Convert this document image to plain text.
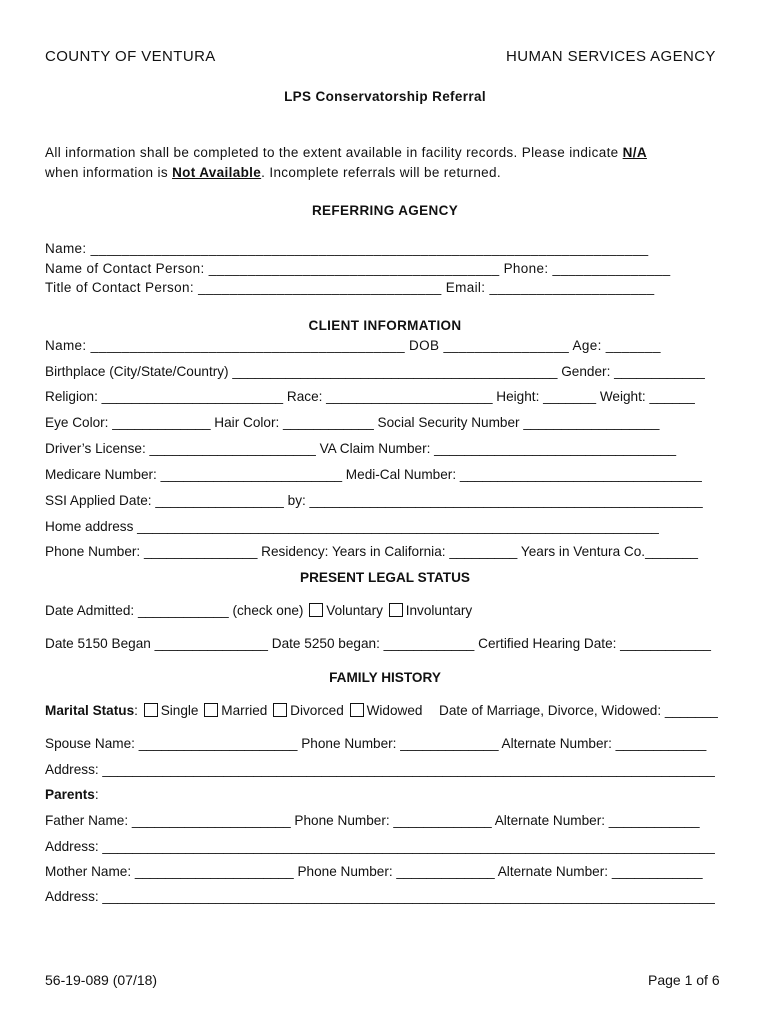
COUNTY OF VENTURA	HUMAN SERVICES AGENCY
LPS Conservatorship Referral
All information shall be completed to the extent available in facility records. Please indicate N/A
when information is Not Available. Incomplete referrals will be returned.
REFERRING AGENCY
Name: _______________________________________________________________________
Name of Contact Person: _____________________________________ Phone: _______________
Title of Contact Person: _______________________________ Email: _____________________
CLIENT INFORMATION
Name: ________________________________________ DOB ________________ Age: _______
Birthplace (City/State/Country) ___________________________________________ Gender: ____________
Religion: ________________________ Race: ______________________ Height: _______ Weight: ______
Eye Color: _____________ Hair Color: ____________ Social Security Number __________________
Driver’s License: ______________________ VA Claim Number: ________________________________
Medicare Number: ________________________ Medi-Cal Number: ________________________________
SSI Applied Date: _________________ by: ____________________________________________________
Home address _____________________________________________________________________
Phone Number: _______________ Residency: Years in California: _________ Years in Ventura Co._______
PRESENT LEGAL STATUS
Date Admitted: ____________ (check one) Voluntary Involuntary
Date 5150 Began _______________ Date 5250 began: ____________ Certified Hearing Date: ____________
FAMILY HISTORY
Marital Status: Single Married Divorced Widowed Date of Marriage, Divorce, Widowed: _______
Spouse Name: _____________________ Phone Number: _____________ Alternate Number: ____________
Address: _________________________________________________________________________________
Parents:
Father Name: _____________________ Phone Number: _____________ Alternate Number: ____________
Address: _________________________________________________________________________________
Mother Name: _____________________ Phone Number: _____________ Alternate Number: ____________
Address: _________________________________________________________________________________
56-19-089 (07/18)	Page 1 of 6
